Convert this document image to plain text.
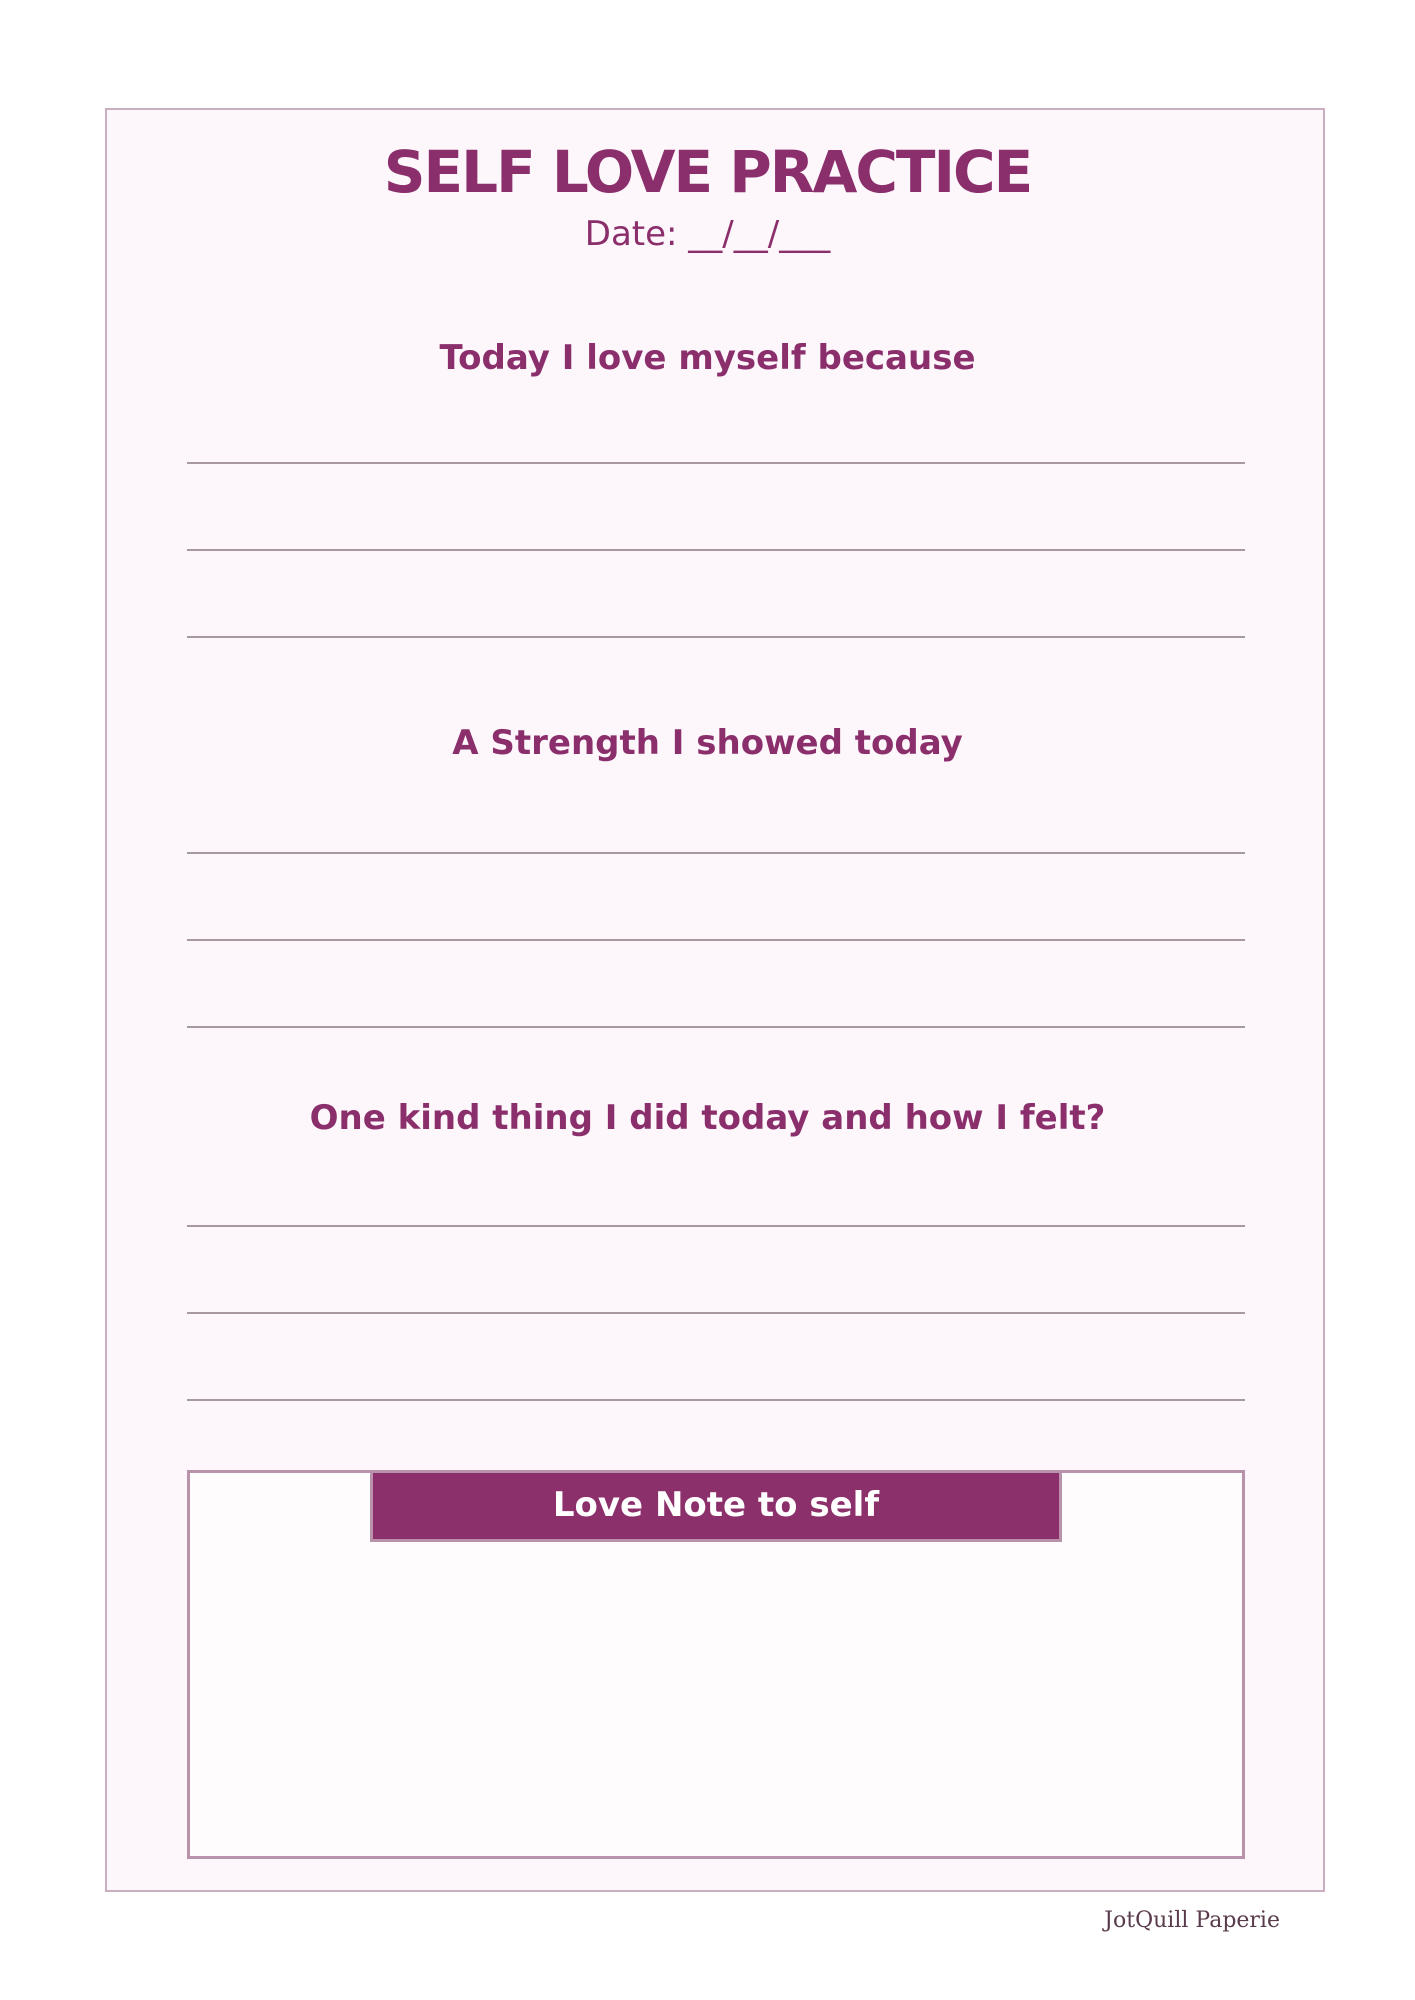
SELF LOVE PRACTICE
Date: __/__/___
Today I love myself because
A Strength I showed today
One kind thing I did today and how I felt?
Love Note to self
JotQuill Paperie
